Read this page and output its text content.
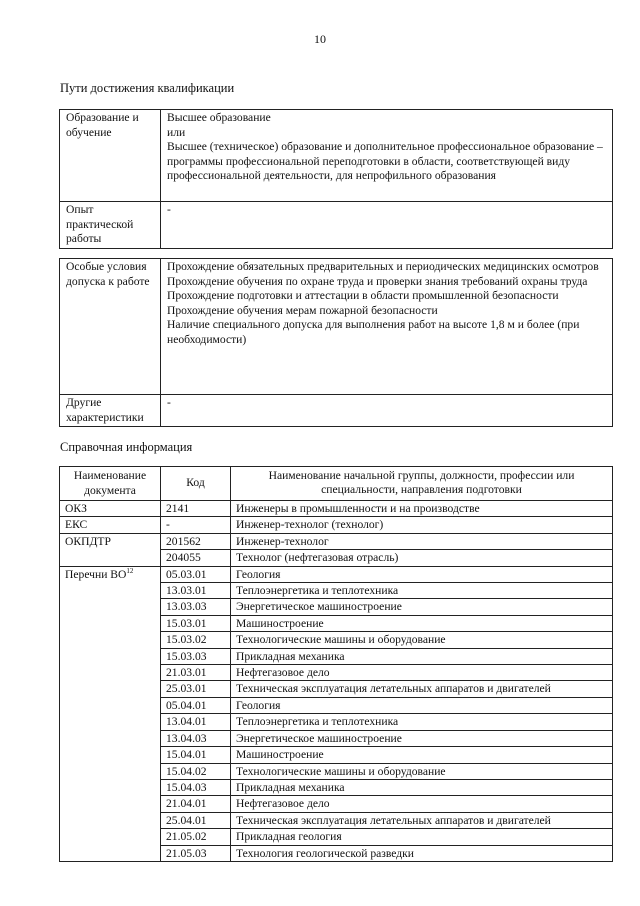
10
Пути достижения квалификации
Образование и обучение	Высшее образование
или
Высшее (техническое) образование и дополнительное профессиональное образование – программы профессиональной переподготовки в области, соответствующей виду профессиональной деятельности, для непрофильного образования

Опыт практической работы	-
Особые условия допуска к работе	Прохождение обязательных предварительных и периодических медицинских осмотров
Прохождение обучения по охране труда и проверки знания требований охраны труда
Прохождение подготовки и аттестации в области промышленной безопасности
Прохождение обучения мерам пожарной безопасности
Наличие специального допуска для выполнения работ на высоте 1,8 м и более (при необходимости)

Другие характеристики	-
Справочная информация
Наименование документа	Код	Наименование начальной группы, должности, профессии или специальности, направления подготовки
ОКЗ	2141	Инженеры в промышленности и на производстве
ЕКС	-	Инженер-технолог (технолог)
ОКПДТР	201562	Инженер-технолог
	204055	Технолог (нефтегазовая отрасль)
Перечни ВО$^{12}$	05.03.01	Геология
	13.03.01	Теплоэнергетика и теплотехника
	13.03.03	Энергетическое машиностроение
	15.03.01	Машиностроение
	15.03.02	Технологические машины и оборудование
	15.03.03	Прикладная механика
	21.03.01	Нефтегазовое дело
	25.03.01	Техническая эксплуатация летательных аппаратов и двигателей
	05.04.01	Геология
	13.04.01	Теплоэнергетика и теплотехника
	13.04.03	Энергетическое машиностроение
	15.04.01	Машиностроение
	15.04.02	Технологические машины и оборудование
	15.04.03	Прикладная механика
	21.04.01	Нефтегазовое дело
	25.04.01	Техническая эксплуатация летательных аппаратов и двигателей
	21.05.02	Прикладная геология
	21.05.03	Технология геологической разведки
